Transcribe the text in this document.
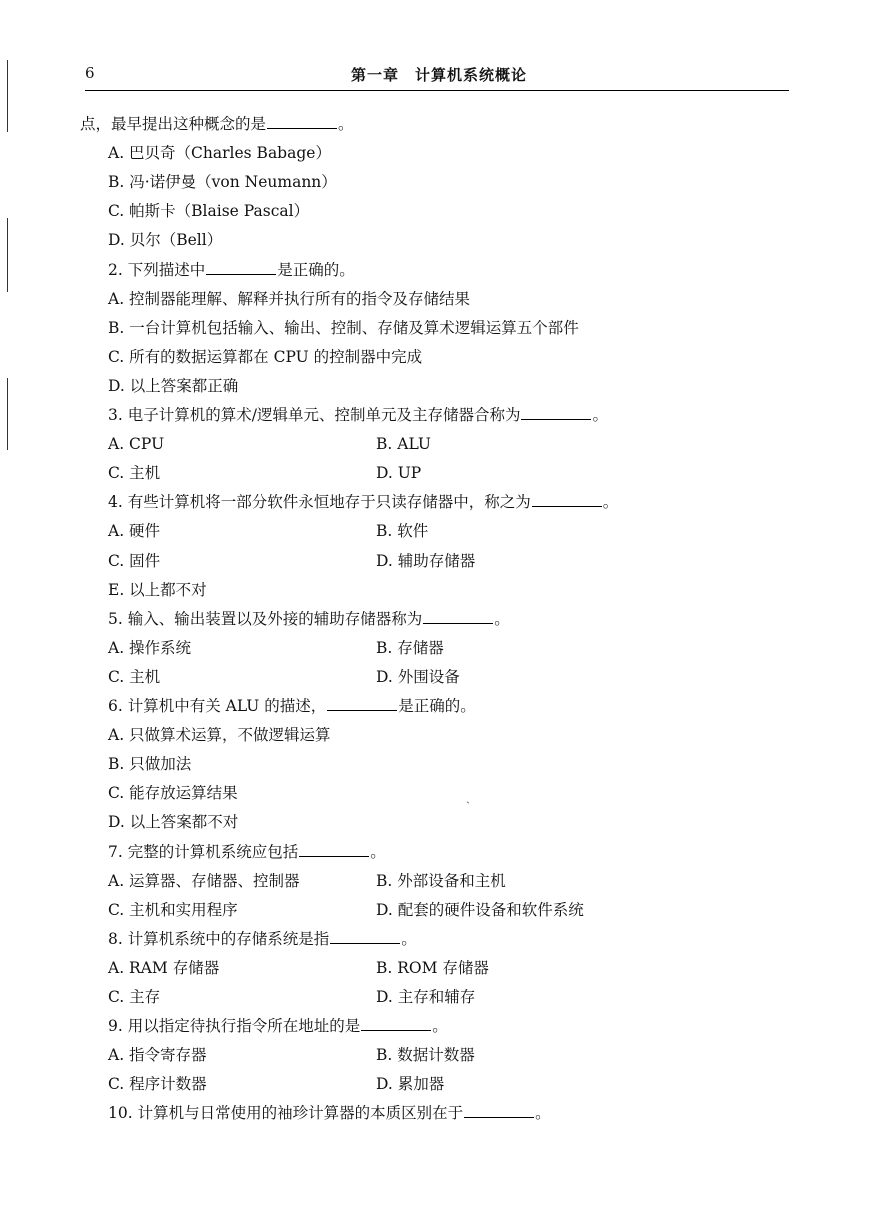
6	第一章　计算机系统概论
点，最早提出这种概念的是	。
A. 巴贝奇（Charles Babage）
B. 冯·诺伊曼（von Neumann）
C. 帕斯卡（Blaise Pascal）
D. 贝尔（Bell）
2. 下列描述中	是正确的。
A. 控制器能理解、解释并执行所有的指令及存储结果
B. 一台计算机包括输入、输出、控制、存储及算术逻辑运算五个部件
C. 所有的数据运算都在 CPU 的控制器中完成
D. 以上答案都正确
3. 电子计算机的算术/逻辑单元、控制单元及主存储器合称为	。
A. CPU	B. ALU
C. 主机	D. UP
4. 有些计算机将一部分软件永恒地存于只读存储器中，称之为	。
A. 硬件	B. 软件
C. 固件	D. 辅助存储器
E. 以上都不对
5. 输入、输出装置以及外接的辅助存储器称为	。
A. 操作系统	B. 存储器
C. 主机	D. 外围设备
6. 计算机中有关 ALU 的描述，	是正确的。
A. 只做算术运算，不做逻辑运算
B. 只做加法
C. 能存放运算结果
D. 以上答案都不对
7. 完整的计算机系统应包括	。
A. 运算器、存储器、控制器	B. 外部设备和主机
C. 主机和实用程序	D. 配套的硬件设备和软件系统
8. 计算机系统中的存储系统是指	。
A. RAM 存储器	B. ROM 存储器
C. 主存	D. 主存和辅存
9. 用以指定待执行指令所在地址的是	。
A. 指令寄存器	B. 数据计数器
C. 程序计数器	D. 累加器
10. 计算机与日常使用的袖珍计算器的本质区别在于	。
ˎ
